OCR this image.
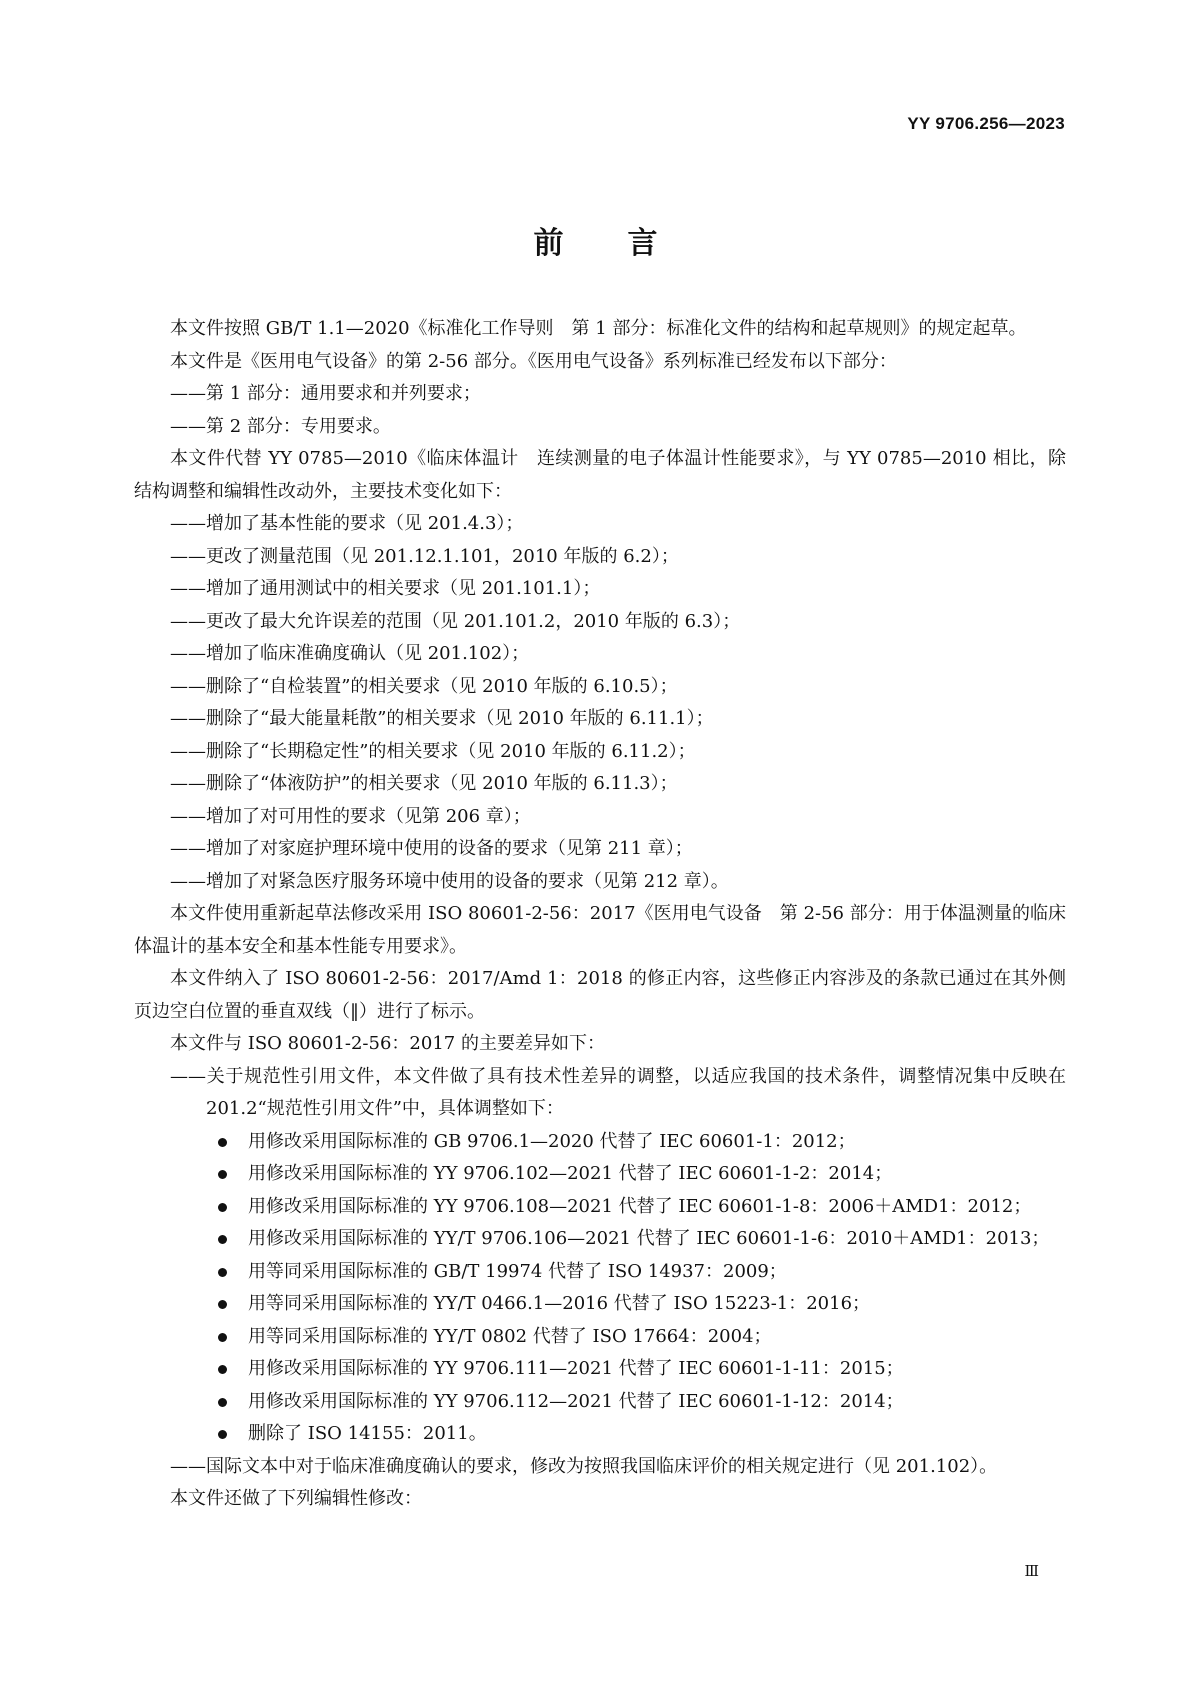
YY 9706.256—2023
前 言

本文件按照 GB/T 1.1—2020《标准化工作导则　第 1 部分：标准化文件的结构和起草规则》的规定起草。

本文件是《医用电气设备》的第 2-56 部分。《医用电气设备》系列标准已经发布以下部分：

——第 1 部分：通用要求和并列要求；

——第 2 部分：专用要求。

本文件代替 YY 0785—2010《临床体温计　连续测量的电子体温计性能要求》，与 YY 0785—2010 相比，除结构调整和编辑性改动外，主要技术变化如下：

——增加了基本性能的要求（见 201.4.3）；

——更改了测量范围（见 201.12.1.101，2010 年版的 6.2）；

——增加了通用测试中的相关要求（见 201.101.1）；

——更改了最大允许误差的范围（见 201.101.2，2010 年版的 6.3）；

——增加了临床准确度确认（见 201.102）；

——删除了“自检装置”的相关要求（见 2010 年版的 6.10.5）；

——删除了“最大能量耗散”的相关要求（见 2010 年版的 6.11.1）；

——删除了“长期稳定性”的相关要求（见 2010 年版的 6.11.2）；

——删除了“体液防护”的相关要求（见 2010 年版的 6.11.3）；

——增加了对可用性的要求（见第 206 章）；

——增加了对家庭护理环境中使用的设备的要求（见第 211 章）；

——增加了对紧急医疗服务环境中使用的设备的要求（见第 212 章）。

本文件使用重新起草法修改采用 ISO 80601-2-56：2017《医用电气设备　第 2-56 部分：用于体温测量的临床体温计的基本安全和基本性能专用要求》。

本文件纳入了 ISO 80601-2-56：2017/Amd 1：2018 的修正内容，这些修正内容涉及的条款已通过在其外侧页边空白位置的垂直双线（‖）进行了标示。

本文件与 ISO 80601-2-56：2017 的主要差异如下：

——关于规范性引用文件，本文件做了具有技术性差异的调整，以适应我国的技术条件，调整情况集中反映在 201.2“规范性引用文件”中，具体调整如下：

用修改采用国际标准的 GB 9706.1—2020 代替了 IEC 60601-1：2012；
用修改采用国际标准的 YY 9706.102—2021 代替了 IEC 60601-1-2：2014；
用修改采用国际标准的 YY 9706.108—2021 代替了 IEC 60601-1-8：2006＋AMD1：2012；
用修改采用国际标准的 YY/T 9706.106—2021 代替了 IEC 60601-1-6：2010＋AMD1：2013；
用等同采用国际标准的 GB/T 19974 代替了 ISO 14937：2009；
用等同采用国际标准的 YY/T 0466.1—2016 代替了 ISO 15223-1：2016；
用等同采用国际标准的 YY/T 0802 代替了 ISO 17664：2004；
用修改采用国际标准的 YY 9706.111—2021 代替了 IEC 60601-1-11：2015；
用修改采用国际标准的 YY 9706.112—2021 代替了 IEC 60601-1-12：2014；
删除了 ISO 14155：2011。

——国际文本中对于临床准确度确认的要求，修改为按照我国临床评价的相关规定进行（见 201.102）。

本文件还做了下列编辑性修改：

Ⅲ
